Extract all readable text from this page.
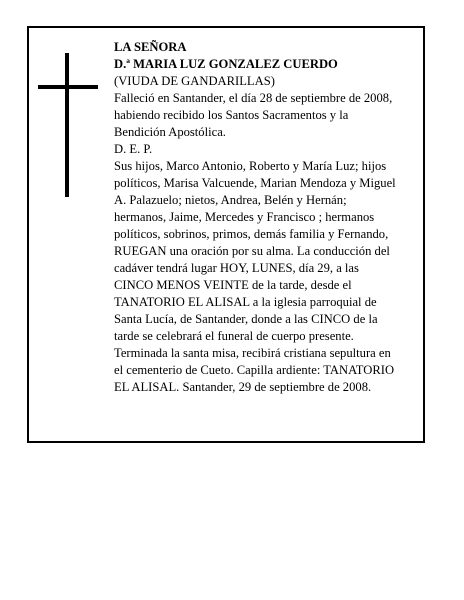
LA SEÑORA
D.ª MARIA LUZ GONZALEZ CUERDO
(VIUDA DE GANDARILLAS)
Falleció en Santander, el día 28 de septiembre de 2008,
habiendo recibido los Santos Sacramentos y la
Bendición Apostólica.
D. E. P.
Sus hijos, Marco Antonio, Roberto y María Luz; hijos
políticos, Marisa Valcuende, Marian Mendoza y Miguel
A. Palazuelo; nietos, Andrea, Belén y Hernán;
hermanos, Jaime, Mercedes y Francisco ; hermanos
políticos, sobrinos, primos, demás familia y Fernando,
RUEGAN una oración por su alma. La conducción del
cadáver tendrá lugar HOY, LUNES, día 29, a las
CINCO MENOS VEINTE de la tarde, desde el
TANATORIO EL ALISAL a la iglesia parroquial de
Santa Lucía, de Santander, donde a las CINCO de la
tarde se celebrará el funeral de cuerpo presente.
Terminada la santa misa, recibirá cristiana sepultura en
el cementerio de Cueto. Capilla ardiente: TANATORIO
EL ALISAL. Santander, 29 de septiembre de 2008.
